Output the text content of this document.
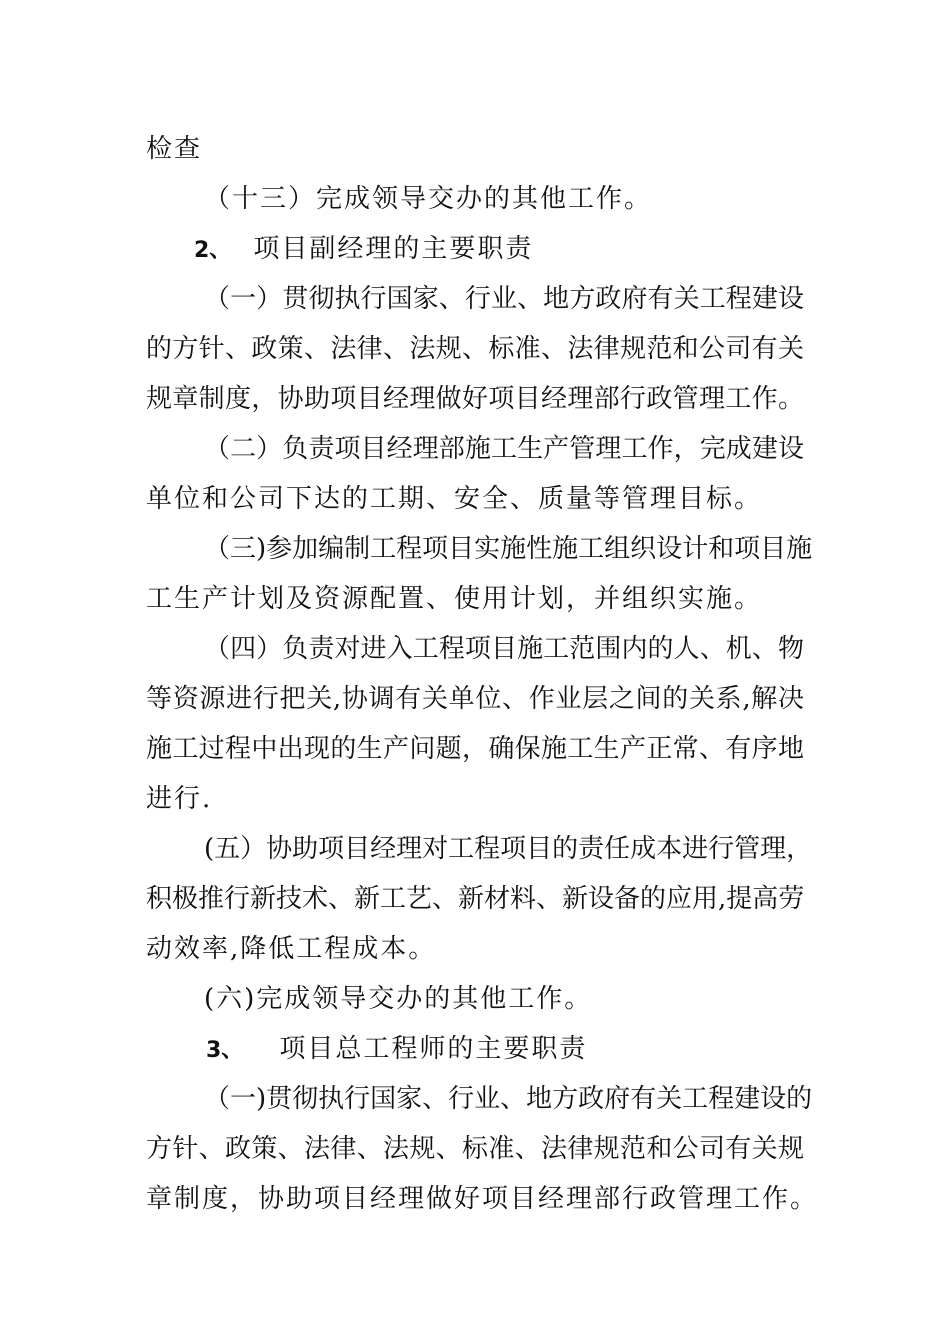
检查
（十三）完成领导交办的其他工作。
2、 项目副经理的主要职责
（一）贯彻执行国家、行业、地方政府有关工程建设
的方针、政策、法律、法规、标准、法律规范和公司有关
规章制度，协助项目经理做好项目经理部行政管理工作。
（二）负责项目经理部施工生产管理工作，完成建设
单位和公司下达的工期、安全、质量等管理目标。
（三)参加编制工程项目实施性施工组织设计和项目施
工生产计划及资源配置、使用计划，并组织实施。
（四）负责对进入工程项目施工范围内的人、机、物
等资源进行把关,协调有关单位、作业层之间的关系,解决
施工过程中出现的生产问题，确保施工生产正常、有序地
进行.
(五）协助项目经理对工程项目的责任成本进行管理，
积极推行新技术、新工艺、新材料、新设备的应用,提高劳
动效率,降低工程成本。
(六)完成领导交办的其他工作。
3、 项目总工程师的主要职责
（一)贯彻执行国家、行业、地方政府有关工程建设的
方针、政策、法律、法规、标准、法律规范和公司有关规
章制度，协助项目经理做好项目经理部行政管理工作。
